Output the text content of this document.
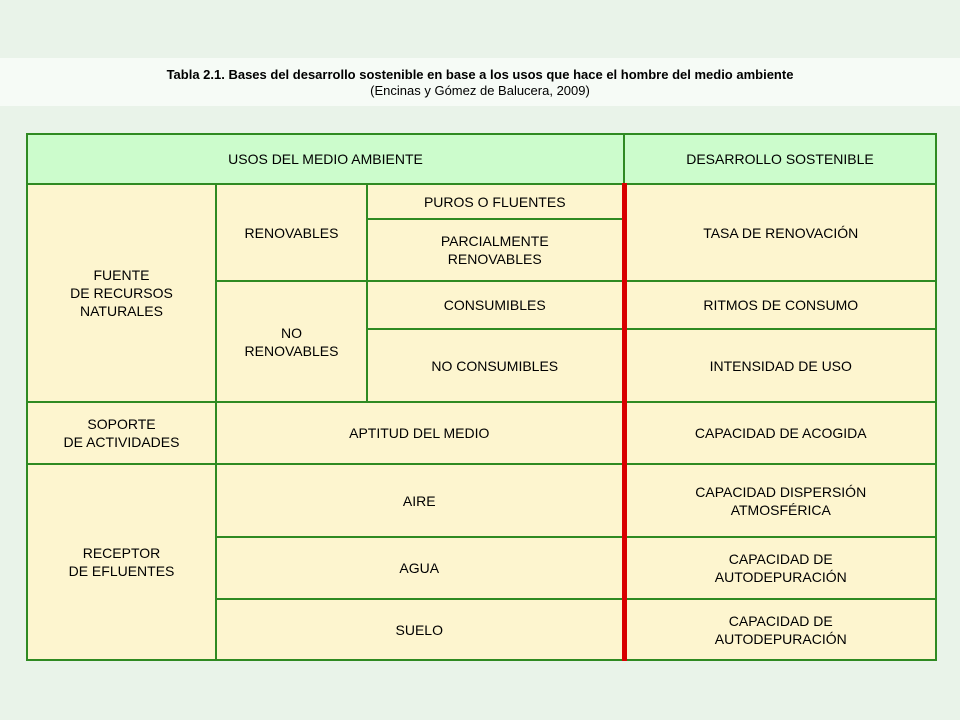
Tabla 2.1. Bases del desarrollo sostenible en base a los usos que hace el hombre del medio ambiente
(Encinas y Gómez de Balucera, 2009)
USOS DEL MEDIO AMBIENTE			DESARROLLO SOSTENIBLE

FUENTE
DE RECURSOS
NATURALES	RENOVABLES	PUROS O FLUENTES	TASA DE RENOVACIÓN

		PARCIALMENTE
RENOVABLES	

	NO
RENOVABLES	CONSUMIBLES	RITMOS DE CONSUMO
		NO CONSUMIBLES	INTENSIDAD DE USO

SOPORTE
DE ACTIVIDADES	APTITUD DEL MEDIO		CAPACIDAD DE ACOGIDA

RECEPTOR
DE EFLUENTES	AIRE		CAPACIDAD DISPERSIÓN
ATMOSFÉRICA

	AGUA		CAPACIDAD DE
AUTODEPURACIÓN

	SUELO		CAPACIDAD DE
AUTODEPURACIÓN
